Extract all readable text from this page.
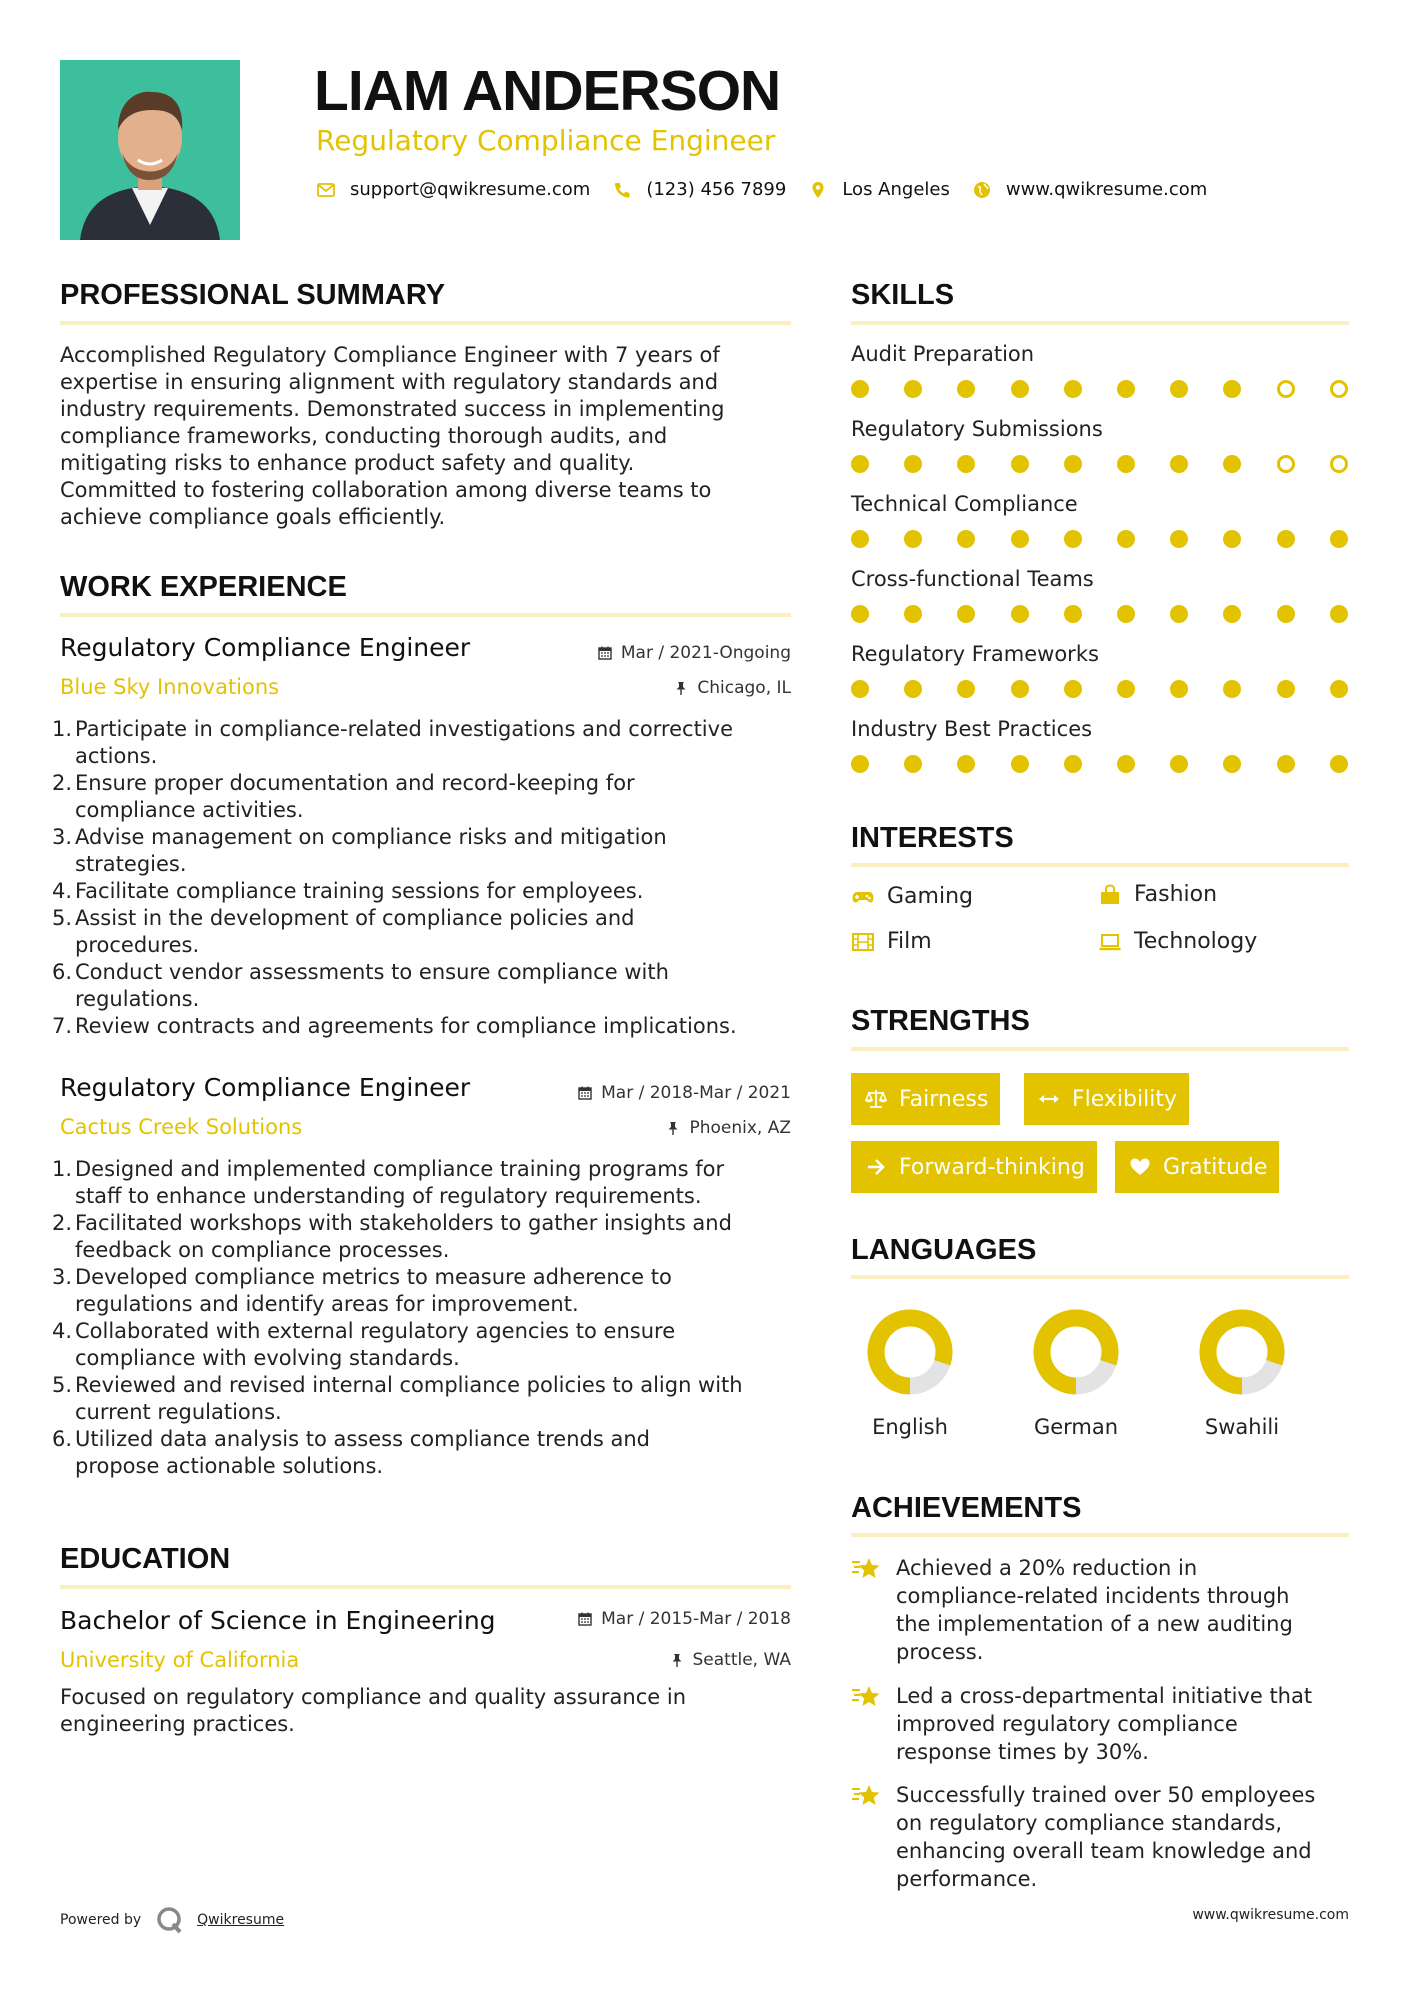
LIAM ANDERSON
Regulatory Compliance Engineer
support@qwikresume.com	(123) 456 7899	Los Angeles	www.qwikresume.com
PROFESSIONAL SUMMARY
Accomplished Regulatory Compliance Engineer with 7 years of
expertise in ensuring alignment with regulatory standards and
industry requirements. Demonstrated success in implementing
compliance frameworks, conducting thorough audits, and
mitigating risks to enhance product safety and quality.
Committed to fostering collaboration among diverse teams to
achieve compliance goals efficiently.
WORK EXPERIENCE
Regulatory Compliance Engineer
Blue Sky Innovations
Mar / 2021-Ongoing
Chicago, IL
1. Participate in compliance-related investigations and corrective
actions.
2. Ensure proper documentation and record-keeping for
compliance activities.
3. Advise management on compliance risks and mitigation
strategies.
4. Facilitate compliance training sessions for employees.
5. Assist in the development of compliance policies and
procedures.
6. Conduct vendor assessments to ensure compliance with
regulations.
7. Review contracts and agreements for compliance implications.
Regulatory Compliance Engineer
Cactus Creek Solutions
Mar / 2018-Mar / 2021
Phoenix, AZ
1. Designed and implemented compliance training programs for
staff to enhance understanding of regulatory requirements.
2. Facilitated workshops with stakeholders to gather insights and
feedback on compliance processes.
3. Developed compliance metrics to measure adherence to
regulations and identify areas for improvement.
4. Collaborated with external regulatory agencies to ensure
compliance with evolving standards.
5. Reviewed and revised internal compliance policies to align with
current regulations.
6. Utilized data analysis to assess compliance trends and
propose actionable solutions.
EDUCATION
Bachelor of Science in Engineering
University of California
Mar / 2015-Mar / 2018
Seattle, WA
Focused on regulatory compliance and quality assurance in
engineering practices.
SKILLS
Audit Preparation
Regulatory Submissions
Technical Compliance
Cross-functional Teams
Regulatory Frameworks
Industry Best Practices
INTERESTS
Gaming	Fashion
Film	Technology
STRENGTHS
Fairness	Flexibility
Forward-thinking	Gratitude
LANGUAGES
English	German	Swahili
ACHIEVEMENTS
Achieved a 20% reduction in
compliance-related incidents through
the implementation of a new auditing
process.
Led a cross-departmental initiative that
improved regulatory compliance
response times by 30%.
Successfully trained over 50 employees
on regulatory compliance standards,
enhancing overall team knowledge and
performance.
Powered by	Qwikresume	www.qwikresume.com
